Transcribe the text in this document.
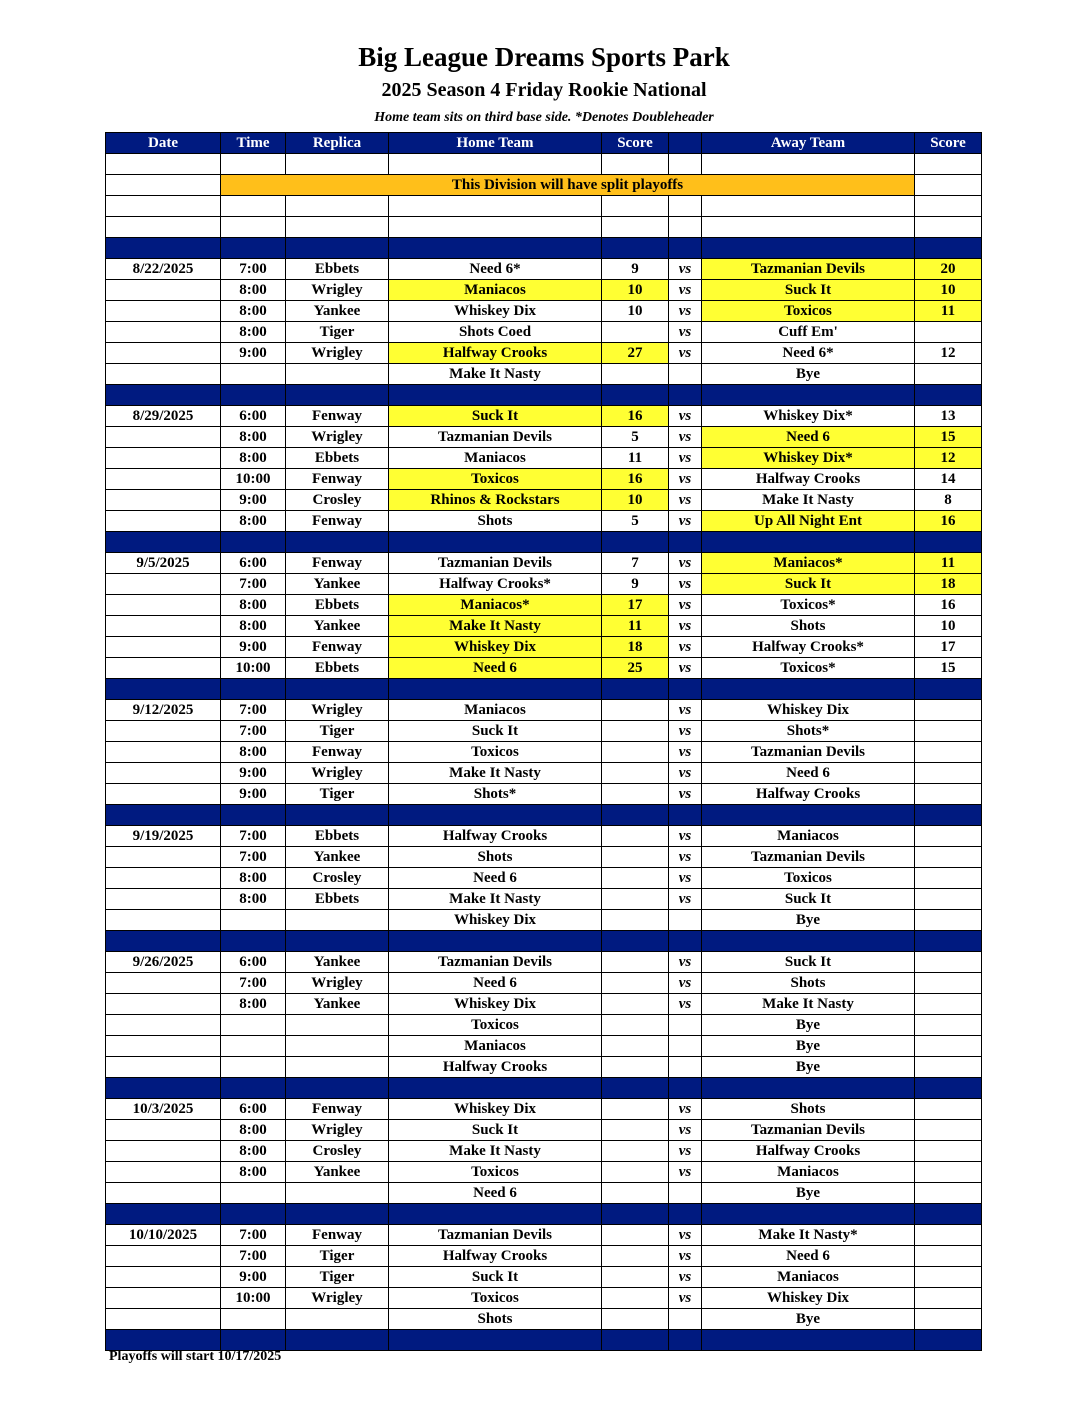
Big League Dreams Sports Park
2025 Season 4 Friday Rookie National
Home team sits on third base side. *Denotes Doubleheader
Date	Time	Replica	Home Team	Score		Away Team	Score

	This Division will have split playoffs						

8/22/2025	7:00	Ebbets	Need 6*	9	vs	Tazmanian Devils	20
	8:00	Wrigley	Maniacos	10	vs	Suck It	10
	8:00	Yankee	Whiskey Dix	10	vs	Toxicos	11
	8:00	Tiger	Shots Coed		vs	Cuff Em'	
	9:00	Wrigley	Halfway Crooks	27	vs	Need 6*	12
			Make It Nasty			Bye	

8/29/2025	6:00	Fenway	Suck It	16	vs	Whiskey Dix*	13
	8:00	Wrigley	Tazmanian Devils	5	vs	Need 6	15
	8:00	Ebbets	Maniacos	11	vs	Whiskey Dix*	12
	10:00	Fenway	Toxicos	16	vs	Halfway Crooks	14
	9:00	Crosley	Rhinos & Rockstars	10	vs	Make It Nasty	8
	8:00	Fenway	Shots	5	vs	Up All Night Ent	16

9/5/2025	6:00	Fenway	Tazmanian Devils	7	vs	Maniacos*	11
	7:00	Yankee	Halfway Crooks*	9	vs	Suck It	18
	8:00	Ebbets	Maniacos*	17	vs	Toxicos*	16
	8:00	Yankee	Make It Nasty	11	vs	Shots	10
	9:00	Fenway	Whiskey Dix	18	vs	Halfway Crooks*	17
	10:00	Ebbets	Need 6	25	vs	Toxicos*	15

9/12/2025	7:00	Wrigley	Maniacos		vs	Whiskey Dix	
	7:00	Tiger	Suck It		vs	Shots*	
	8:00	Fenway	Toxicos		vs	Tazmanian Devils	
	9:00	Wrigley	Make It Nasty		vs	Need 6	
	9:00	Tiger	Shots*		vs	Halfway Crooks	

9/19/2025	7:00	Ebbets	Halfway Crooks		vs	Maniacos	
	7:00	Yankee	Shots		vs	Tazmanian Devils	
	8:00	Crosley	Need 6		vs	Toxicos	
	8:00	Ebbets	Make It Nasty		vs	Suck It	
			Whiskey Dix			Bye	

9/26/2025	6:00	Yankee	Tazmanian Devils		vs	Suck It	
	7:00	Wrigley	Need 6		vs	Shots	
	8:00	Yankee	Whiskey Dix		vs	Make It Nasty	
			Toxicos			Bye	
			Maniacos			Bye	
			Halfway Crooks			Bye	

10/3/2025	6:00	Fenway	Whiskey Dix		vs	Shots	
	8:00	Wrigley	Suck It		vs	Tazmanian Devils	
	8:00	Crosley	Make It Nasty		vs	Halfway Crooks	
	8:00	Yankee	Toxicos		vs	Maniacos	
			Need 6			Bye	

10/10/2025	7:00	Fenway	Tazmanian Devils		vs	Make It Nasty*	
	7:00	Tiger	Halfway Crooks		vs	Need 6	
	9:00	Tiger	Suck It		vs	Maniacos	
	10:00	Wrigley	Toxicos		vs	Whiskey Dix	
			Shots			Bye	

Playoffs will start 10/17/2025
